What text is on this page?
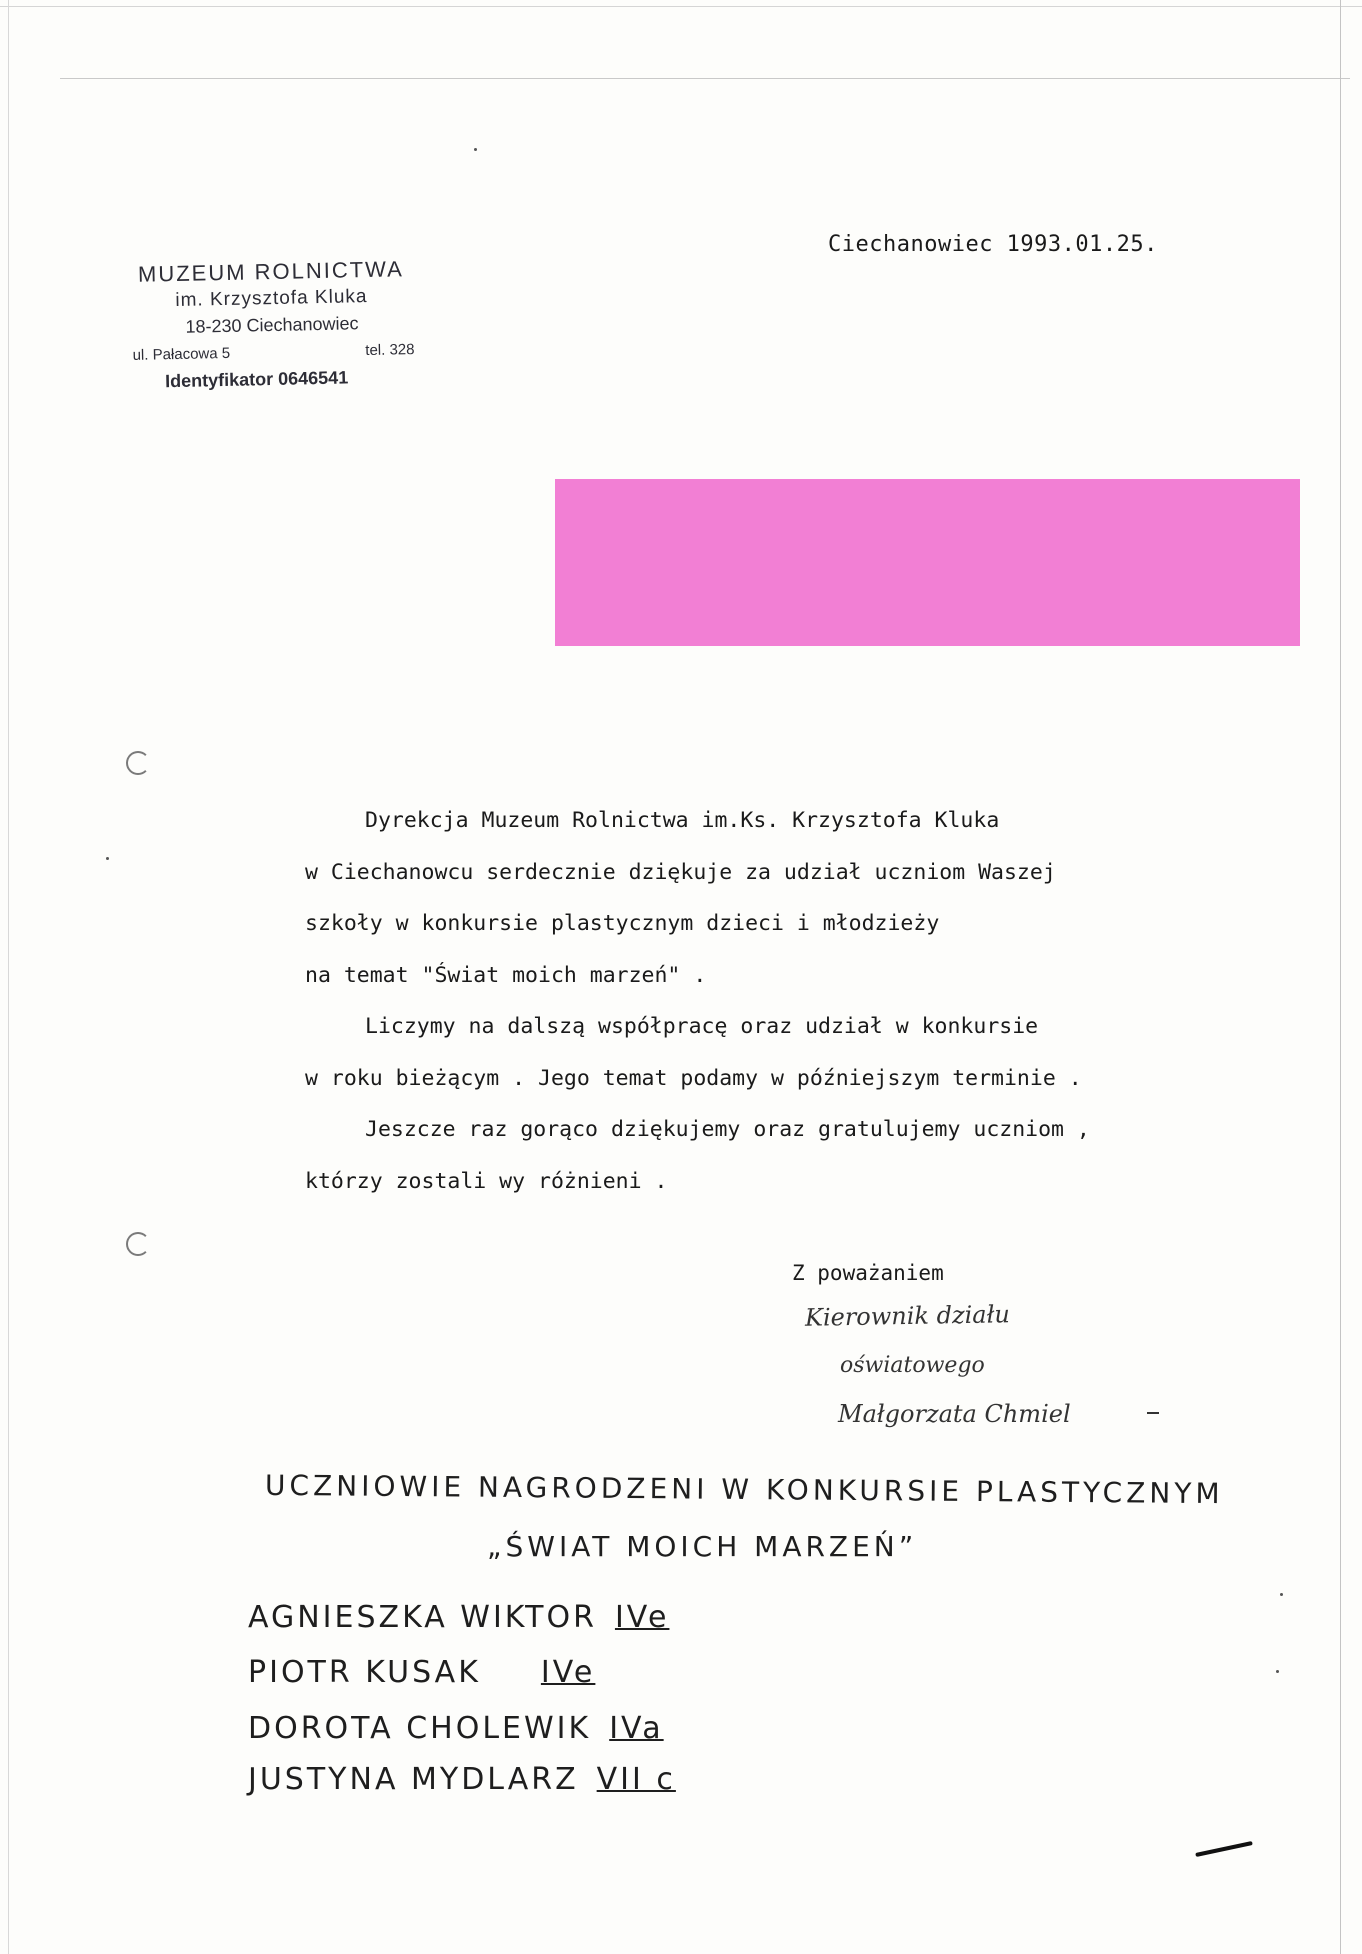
MUZEUM ROLNICTWA
im. Krzysztofa Kluka
18-230 Ciechanowiec
ul. Pałacowa 5	tel. 328
Identyfikator 0646541
Ciechanowiec 1993.01.25.

Dyrekcja Muzeum Rolnictwa im.Ks. Krzysztofa Kluka

w Ciechanowcu serdecznie dziękuje za udział uczniom Waszej

szkoły w konkursie plastycznym dzieci i młodzieży

na temat "Świat moich marzeń" .

Liczymy na dalszą współpracę oraz udział w konkursie

w roku bieżącym . Jego temat podamy w późniejszym terminie .

Jeszcze raz gorąco dziękujemy oraz gratulujemy uczniom ,

którzy zostali wy różnieni .

Z poważaniem
Kierownik działu
oświatowego
Małgorzata Chmiel
UCZNIOWIE NAGRODZENI W KONKURSIE PLASTYCZNYM
„ŚWIAT MOICH MARZEŃ”
AGNIESZKA WIKTOR IVe
PIOTR KUSAK IVe
DOROTA CHOLEWIK IVa
JUSTYNA MYDLARZ VII c
